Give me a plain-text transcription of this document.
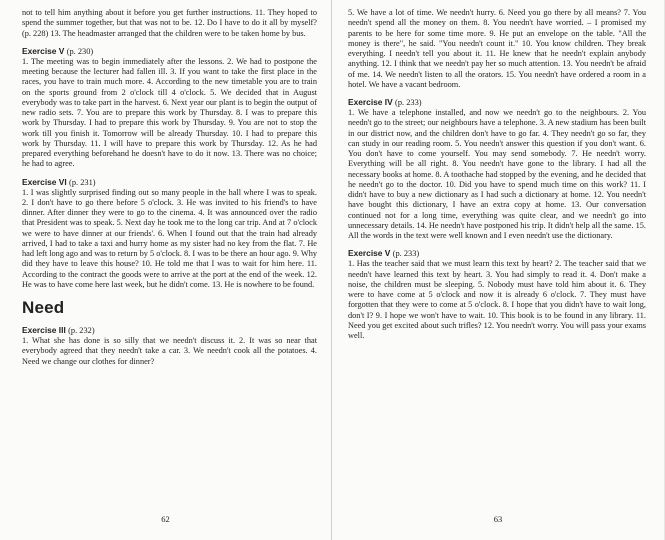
not to tell him anything about it before you get further instructions. 11. They hoped to spend the summer together, but that was not to be. 12. Do I have to do it all by myself? (p. 228) 13. The headmaster arranged that the children were to be taken home by bus.

Exercise V (p. 230)

1. The meeting was to begin immediately after the lessons. 2. We had to postpone the meeting because the lecturer had fallen ill. 3. If you want to take the first place in the races, you have to train much more. 4. According to the new timetable you are to train on the sports ground from 2 o'clock till 4 o'clock. 5. We decided that in August everybody was to take part in the harvest. 6. Next year our plant is to begin the output of new radio sets. 7. You are to prepare this work by Thursday. 8. I was to prepare this work by Thursday. I had to prepare this work by Thursday. 9. You are not to stop the work till you finish it. Tomorrow will be already Thursday. 10. I had to prepare this work by Thursday. 11. I will have to prepare this work by Thursday. 12. As he had prepared everything beforehand he doesn't have to do it now. 13. There was no choice; he had to agree.

Exercise VI (p. 231)

1. I was slightly surprised finding out so many people in the hall where I was to speak. 2. I don't have to go there before 5 o'clock. 3. He was invited to his friend's to have dinner. After dinner they were to go to the cinema. 4. It was announced over the radio that President was to speak. 5. Next day he took me to the long car trip. And at 7 o'clock we were to have dinner at our friends'. 6. When I found out that the train had already arrived, I had to take a taxi and hurry home as my sister had no key from the flat. 7. He had left long ago and was to return by 5 o'clock. 8. I was to be there an hour ago. 9. Why did they have to leave this house? 10. He told me that I was to wait for him here. 11. According to the contract the goods were to arrive at the port at the end of the week. 12. He was to have come here last week, but he didn't come. 13. He is nowhere to be found.

Need
Exercise III (p. 232)

1. What she has done is so silly that we needn't discuss it. 2. It was so near that everybody agreed that they needn't take a car. 3. We needn't cook all the potatoes. 4. Need we change our clothes for dinner?

62

5. We have a lot of time. We needn't hurry. 6. Need you go there by all means? 7. You needn't spend all the money on them. 8. You needn't have worried. – I promised my parents to be here for some time more. 9. He put an envelope on the table. "All the money is there", he said. "You needn't count it." 10. You know children. They break everything. I needn't tell you about it. 11. He knew that he needn't explain anybody anything. 12. I think that we needn't pay her so much attention. 13. You needn't be afraid of me. 14. We needn't listen to all the orators. 15. You needn't have ordered a room in a hotel. We have a vacant bedroom.

Exercise IV (p. 233)

1. We have a telephone installed, and now we needn't go to the neighbours. 2. You needn't go to the street; our neighbours have a telephone. 3. A new stadium has been built in our district now, and the children don't have to go far. 4. They needn't go so far, they can study in our reading room. 5. You needn't answer this question if you don't want. 6. You don't have to come yourself. You may send somebody. 7. He needn't worry. Everything will be all right. 8. You needn't have gone to the library. I had all the necessary books at home. 8. A toothache had stopped by the evening, and he decided that he needn't go to the doctor. 10. Did you have to spend much time on this work? 11. I didn't have to buy a new dictionary as I had such a dictionary at home. 12. You needn't have bought this dictionary, I have an extra copy at home. 13. Our conversation continued not for a long time, everything was quite clear, and we needn't go into unnecessary details. 14. He needn't have postponed his trip. It didn't help all the same. 15. All the words in the text were well known and I even needn't use the dictionary.

Exercise V (p. 233)

1. Has the teacher said that we must learn this text by heart? 2. The teacher said that we needn't have learned this text by heart. 3. You had simply to read it. 4. Don't make a noise, the children must be sleeping. 5. Nobody must have told him about it. 6. They were to have come at 5 o'clock and now it is already 6 o'clock. 7. They must have forgotten that they were to come at 5 o'clock. 8. I hope that you didn't have to wait long, don't I? 9. I hope we won't have to wait. 10. This book is to be found in any library. 11. Need you get excited about such trifles? 12. You needn't worry. You will pass your exams well.

63
